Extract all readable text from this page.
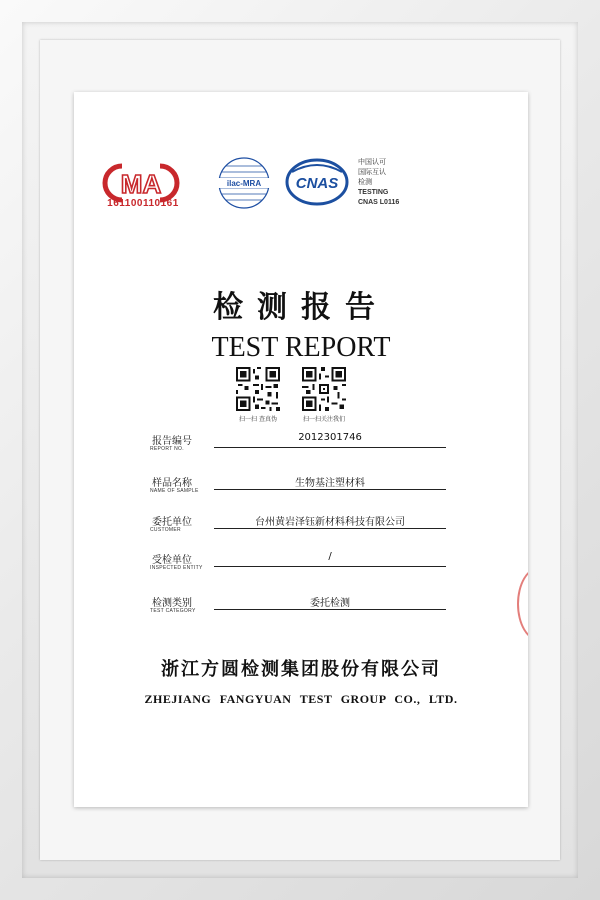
MA
161100110161
ilac-MRA CNAS
中国认可
国际互认
检测
TESTING
CNAS L0116
检测报告
TEST REPORT
扫一扫 查真伪	扫一扫关注我们
报告编号
REPORT NO.
2012301746
样品名称
NAME OF SAMPLE
生物基注塑材料
委托单位
CUSTOMER
台州黄岩泽钰新材料科技有限公司
受检单位
INSPECTED ENTITY
/
检测类别
TEST CATEGORY
委托检测
浙江方圆检测集团股份有限公司
ZHEJIANG FANGYUAN TEST GROUP CO., LTD.
